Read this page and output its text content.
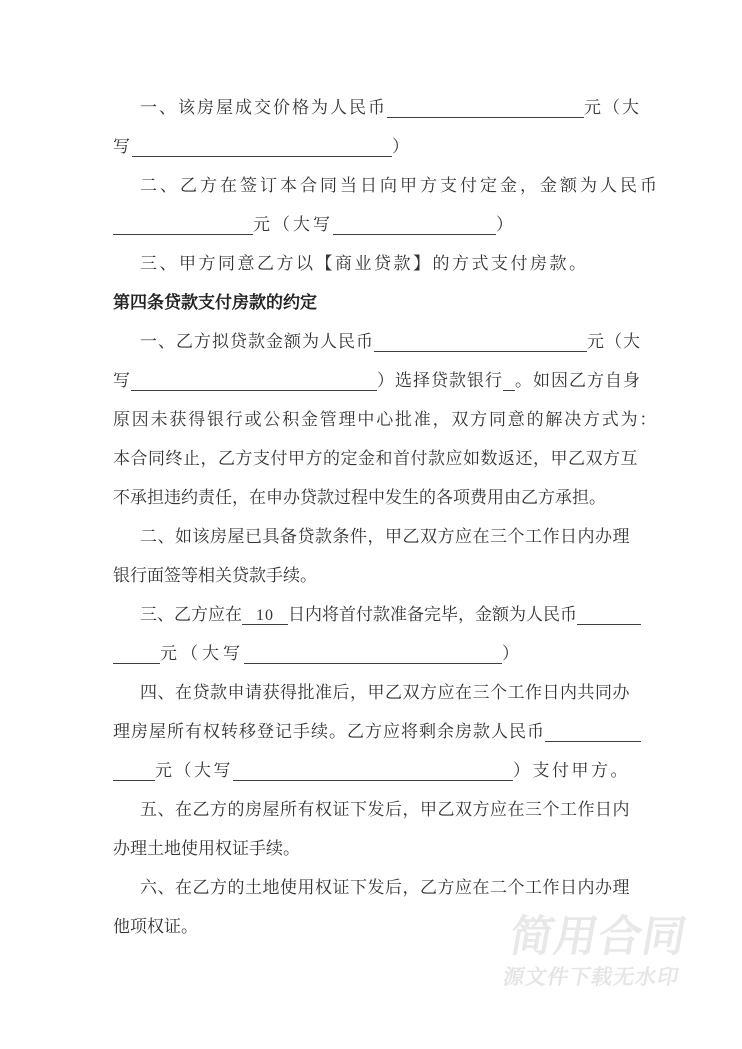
一、该房屋成交价格为人民币	元（大
写	）
二、乙方在签订本合同当日向甲方支付定金，金额为人民币
元（大写	）
三、甲方同意乙方以【商业贷款】的方式支付房款。
第四条贷款支付房款的约定
一、乙方拟贷款金额为人民币	元（大
写	）选择贷款银行 。如因乙方自身
原因未获得银行或公积金管理中心批准，双方同意的解决方式为：
本合同终止，乙方支付甲方的定金和首付款应如数返还，甲乙双方互
不承担违约责任，在申办贷款过程中发生的各项费用由乙方承担。
二、如该房屋已具备贷款条件，甲乙双方应在三个工作日内办理
银行面签等相关贷款手续。
三、乙方应在 10 日内将首付款准备完毕，金额为人民币
元（大写	）
四、在贷款申请获得批准后，甲乙双方应在三个工作日内共同办
理房屋所有权转移登记手续。乙方应将剩余房款人民币
元（大写	）支付甲方。
五、在乙方的房屋所有权证下发后，甲乙双方应在三个工作日内
办理土地使用权证手续。
六、在乙方的土地使用权证下发后，乙方应在二个工作日内办理
他项权证。	简用合同
源文件下载无水印
